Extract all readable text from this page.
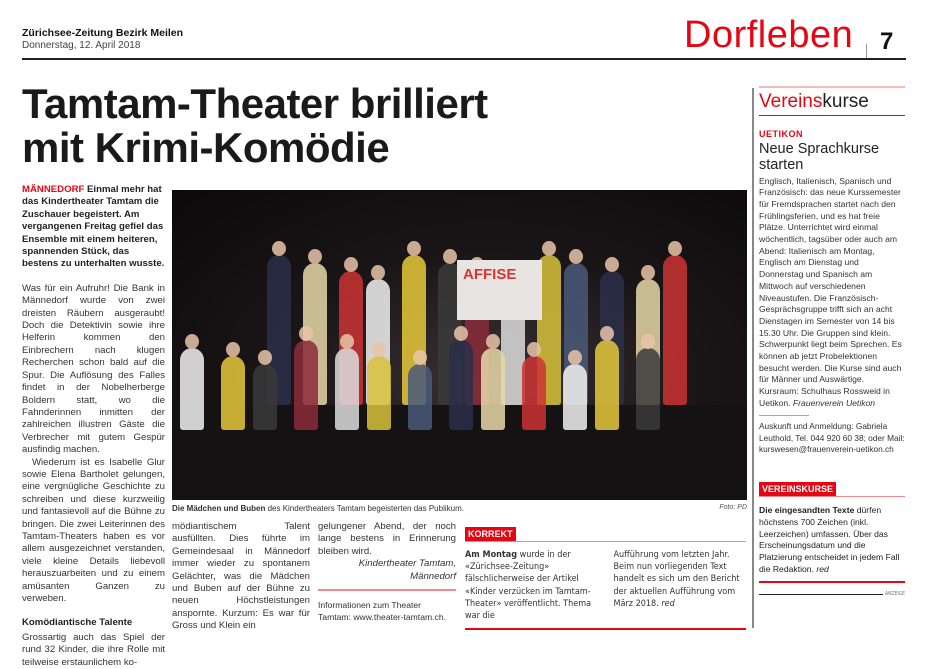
Zürichsee-Zeitung Bezirk Meilen
Donnerstag, 12. April 2018	Dorfleben 7
Tamtam-Theater brilliert
mit Krimi-Komödie

MÄNNEDORF Einmal mehr hat das Kindertheater Tamtam die Zuschauer begeistert. Am vergangenen Freitag gefiel das Ensemble mit einem heiteren, spannenden Stück, das bestens zu unterhalten wusste.

Was für ein Aufruhr! Die Bank in Männedorf wurde von zwei dreisten Räubern ausgeraubt! Doch die Detektivin sowie ihre Helferin kommen den Einbrechern nach klugen Recherchen schon bald auf die Spur. Die Auflösung des Falles findet in der Nobelherberge Boldern statt, wo die Fahnderinnen inmitten der zahlreichen illustren Gäste die Verbrecher mit gutem Gespür ausfindig machen.

Wiederum ist es Isabelle Glur sowie Elena Bartholet gelungen, eine vergnügliche Geschichte zu schreiben und diese kurzweilig und fantasievoll auf die Bühne zu bringen. Die zwei Leiterinnen des Tamtam-Theaters haben es vor allem ausgezeichnet verstanden, viele kleine Details liebevoll herauszuarbeiten und zu einem amüsanten Ganzen zu verweben.

Komödiantische Talente

Grossartig auch das Spiel der rund 32 Kinder, die ihre Rolle mit teilweise erstaunlichem ko-

AFFISE
Die Mädchen und Buben des Kindertheaters Tamtam begeisterten das Publikum.	Foto: PD

mödiantischem Talent ausfüllten. Dies führte im Gemeindesaal in Männedorf immer wieder zu spontanem Gelächter, was die Mädchen und Buben auf der Bühne zu neuen Höchstleistungen anspornte. Kurzum: Es war für Gross und Klein ein

gelungener Abend, der noch lange bestens in Erinnerung bleiben wird.

Kindertheater Tamtam,

Männedorf

Informationen zum Theater Tamtam: www.theater-tamtam.ch.

KORREKT
Am Montag wurde in der «Zürichsee-Zeitung» fälschlicherweise der Artikel «Kinder verzücken im Tamtam-Theater» veröffentlicht. Thema war die
Aufführung vom letzten Jahr. Beim nun vorliegenden Text handelt es sich um den Bericht der aktuellen Aufführung vom März 2018. red
Vereinskurse
UETIKON
Neue Sprachkurse starten

Englisch, Italienisch, Spanisch und Französisch: das neue Kurssemester für Fremdsprachen startet nach den Frühlingsferien, und es hat freie Plätze. Unterrichtet wird einmal wöchentlich, tagsüber oder auch am Abend: Italienisch am Montag, Englisch am Dienstag und Donnerstag und Spanisch am Mittwoch auf verschiedenen Niveaustufen. Die Französisch-Gesprächsgruppe trifft sich an acht Dienstagen im Semester von 14 bis 15.30 Uhr. Die Gruppen sind klein. Schwerpunkt liegt beim Sprechen. Es können ab jetzt Probelektionen besucht werden. Die Kurse sind auch für Männer und Auswärtige. Kursraum: Schulhaus Rossweid in Uetikon. Frauenverein Uetikon

Auskunft und Anmeldung: Gabriela Leuthold, Tel. 044 920 60 38; oder Mail: kurswesen@frauenverein-uetikon.ch

VEREINSKURSE

Die eingesandten Texte dürfen höchstens 700 Zeichen (inkl. Leerzeichen) umfassen. Über das Erscheinungsdatum und die Platzierung entscheidet in jedem Fall die Redaktion. red

ANZEIGE
